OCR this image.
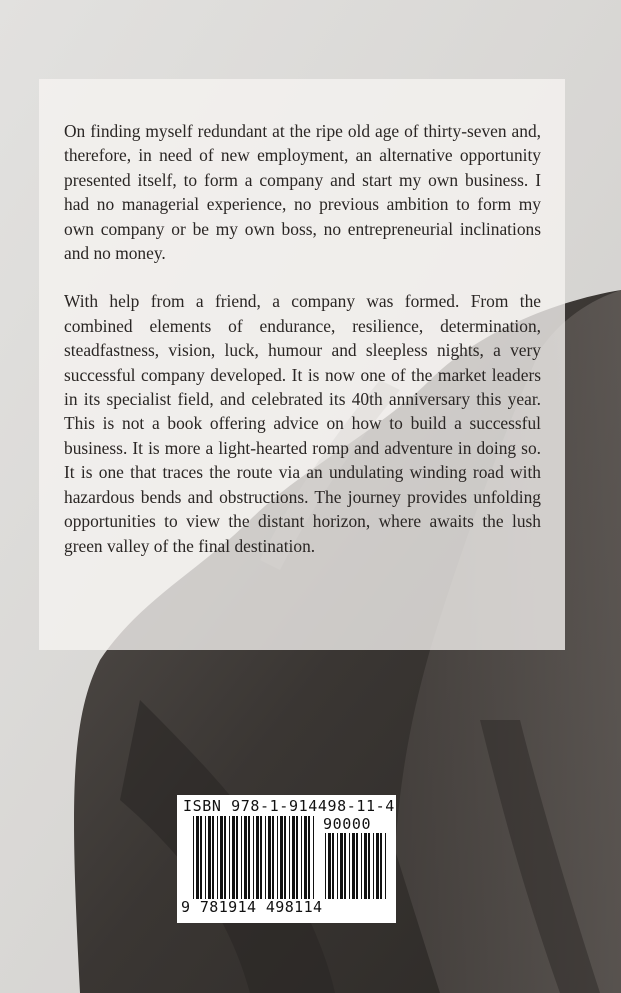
On finding myself redundant at the ripe old age of thirty-seven and, therefore, in need of new employment, an alternative opportunity presented itself, to form a company and start my own business. I had no managerial experience, no previous ambition to form my own company or be my own boss, no entrepreneurial inclinations and no money.

With help from a friend, a company was formed. From the combined elements of endurance, resilience, determination, steadfastness, vision, luck, humour and sleepless nights, a very successful company developed. It is now one of the market leaders in its specialist field, and celebrated its 40th anniversary this year. This is not a book offering advice on how to build a successful business. It is more a light-hearted romp and adventure in doing so. It is one that traces the route via an undulating winding road with hazardous bends and obstructions. The journey provides unfolding opportunities to view the distant horizon, where awaits the lush green valley of the final destination.

ISBN 978-1-914498-11-4
90000
9 781914 498114
